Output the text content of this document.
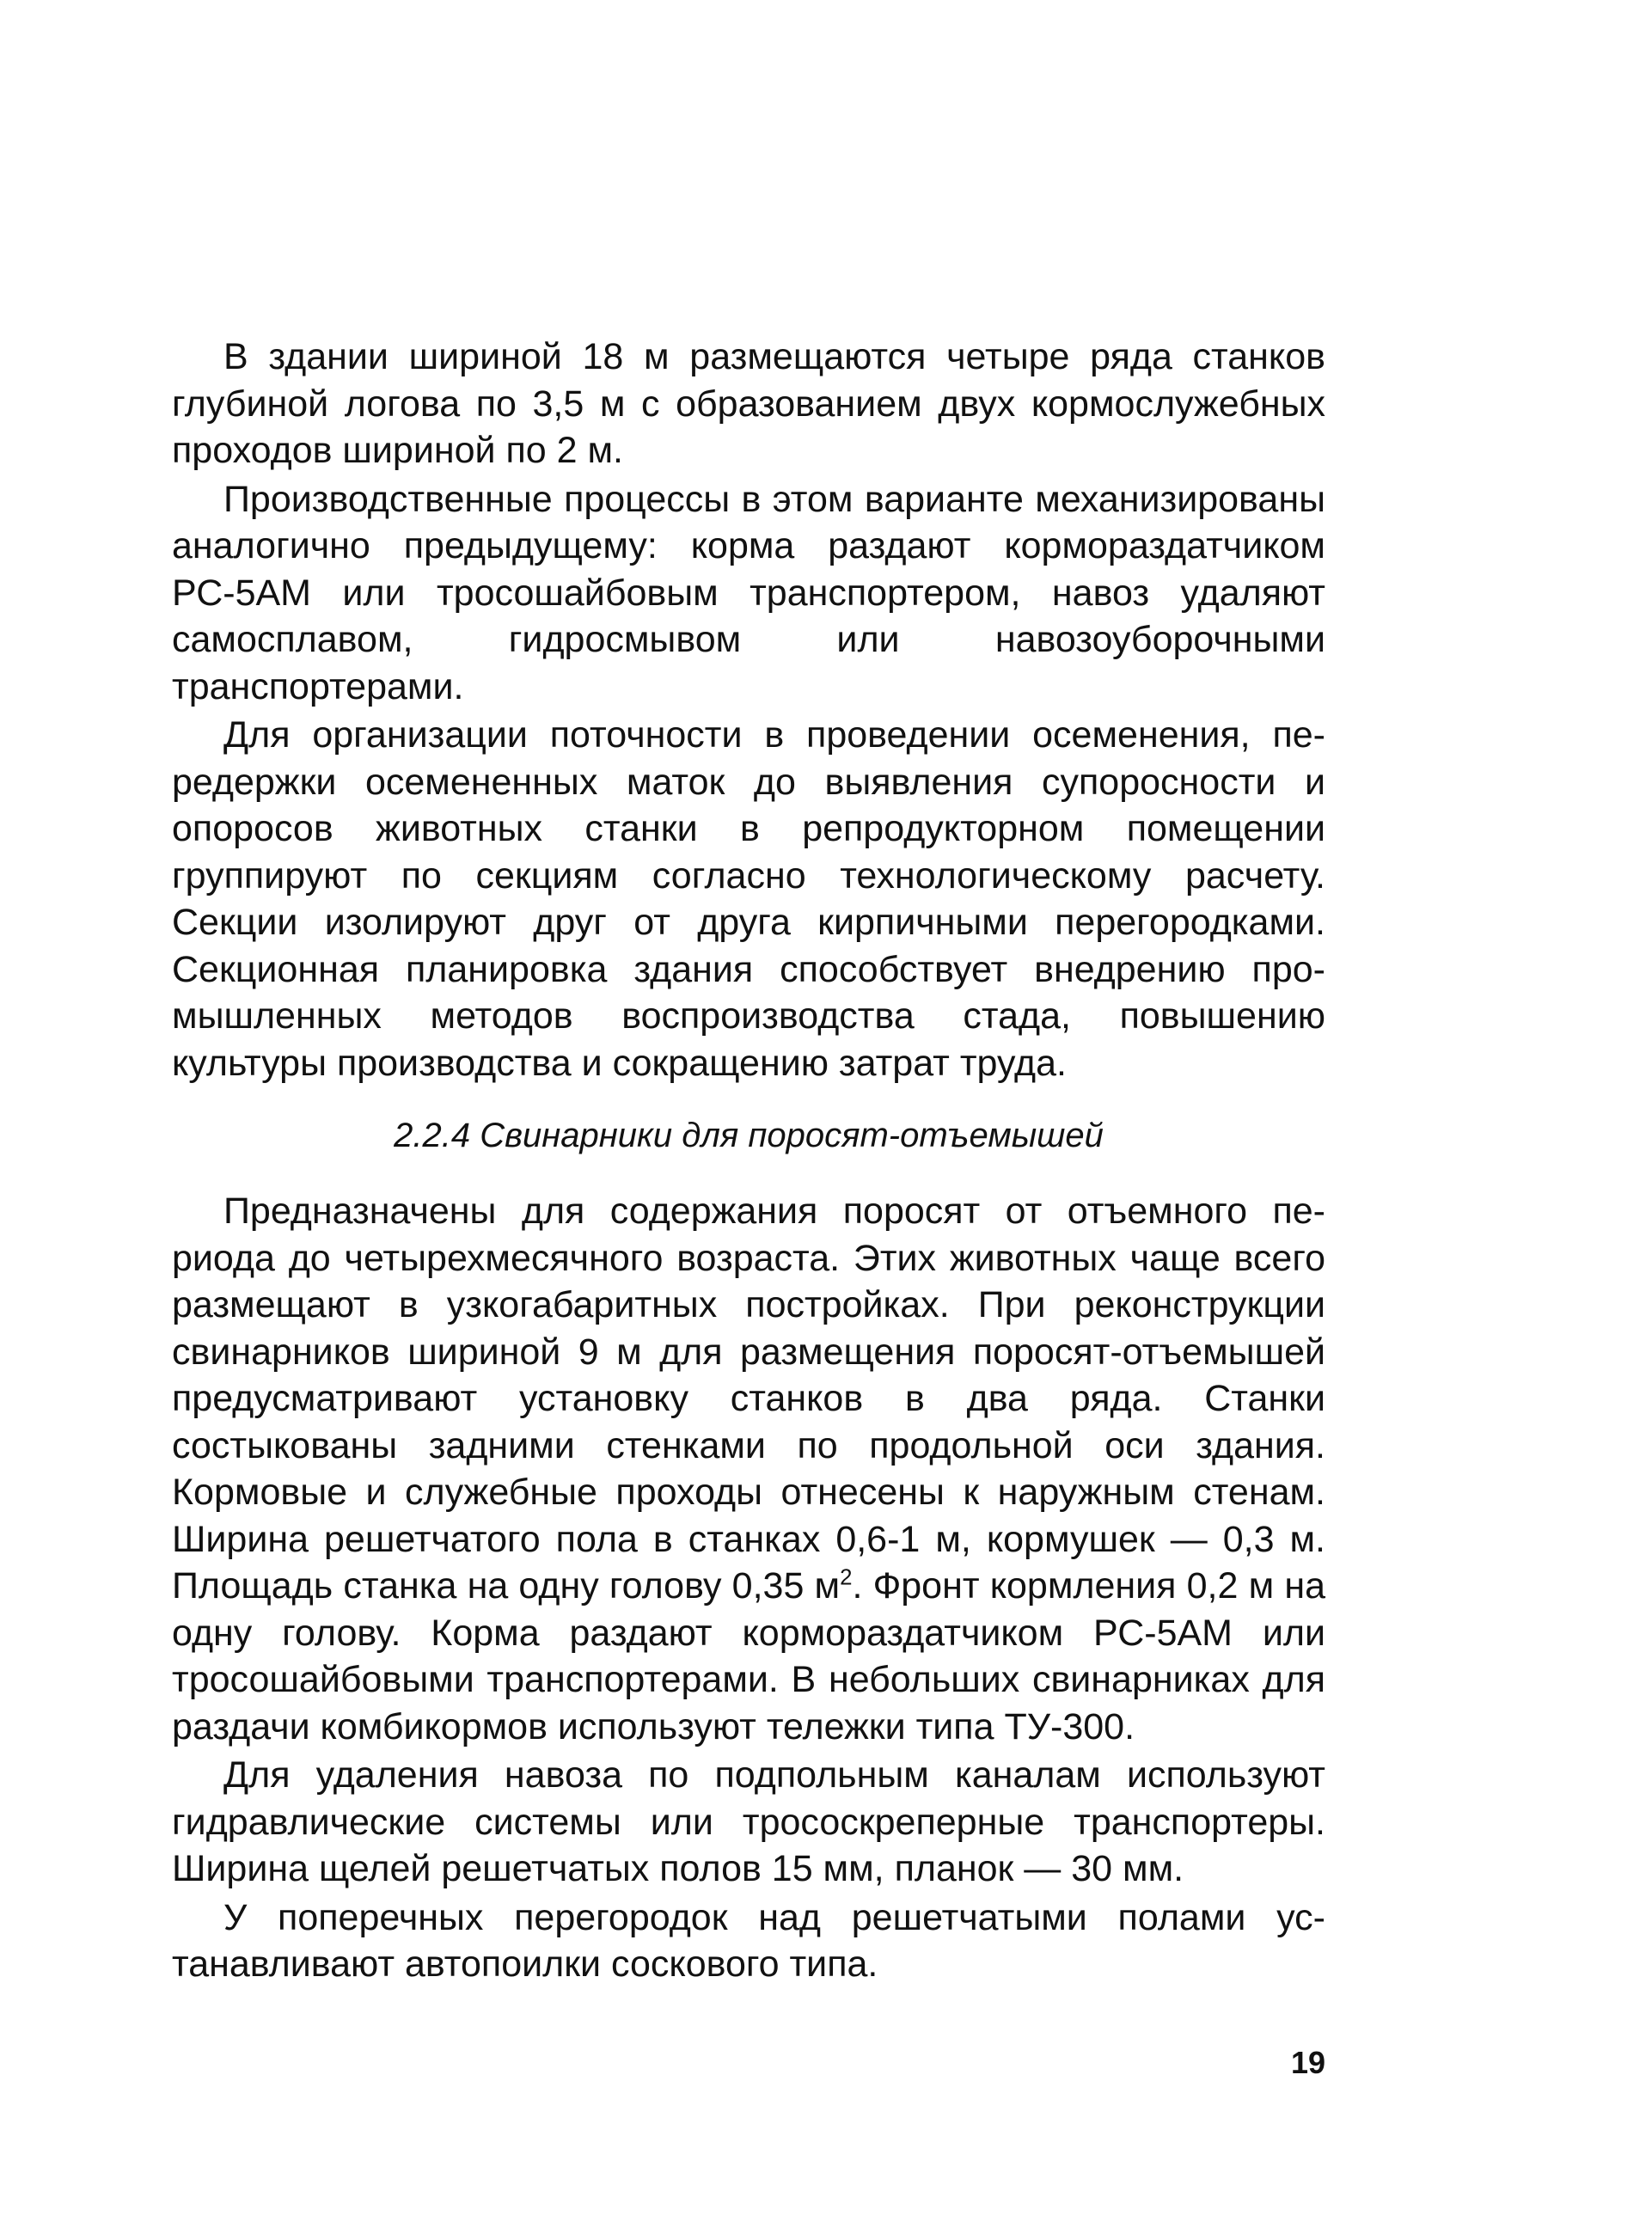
В здании шириной 18 м размещаются четыре ряда станков глубиной логова по 3,5 м с образованием двух кормослужебных проходов шириной по 2 м.

Производственные процессы в этом варианте механизированы аналогично предыдущему: корма раздают кормораздатчиком РС-5АМ или тросошайбовым транспортером, навоз удаляют самосплавом, гидросмывом или навозоуборочными транспортерами.

Для организации поточности в проведении осеменения, передержки осемененных маток до выявления супоросности и опоросов животных станки в репродукторном помещении группируют по секциям согласно технологическому расчету. Секции изолируют друг от друга кирпичными перегородками. Секционная планировка здания способствует внедрению промышленных методов воспроизводства стада, повышению культуры производства и сокращению затрат труда.

2.2.4 Свинарники для поросят-отъемышей

Предназначены для содержания поросят от отъемного периода до четырехмесячного возраста. Этих животных чаще всего размещают в узкогабаритных постройках. При реконструкции свинарников шириной 9 м для размещения поросят-отъемышей предусматривают установку станков в два ряда. Станки состыкованы задними стенками по продольной оси здания. Кормовые и служебные проходы отнесены к наружным стенам. Ширина решетчатого пола в станках 0,6-1 м, кормушек — 0,3 м. Площадь станка на одну голову 0,35 $м^2$. Фронт кормления 0,2 м на одну голову. Корма раздают кормораздатчиком РС-5АМ или тросошайбовыми транспортерами. В небольших свинарниках для раздачи комбикормов используют тележки типа ТУ-300.

Для удаления навоза по подпольным каналам используют гидравлические системы или трососкреперные транспортеры. Ширина щелей решетчатых полов 15 мм, планок — 30 мм.

У поперечных перегородок над решетчатыми полами устанавливают автопоилки соскового типа.

19
